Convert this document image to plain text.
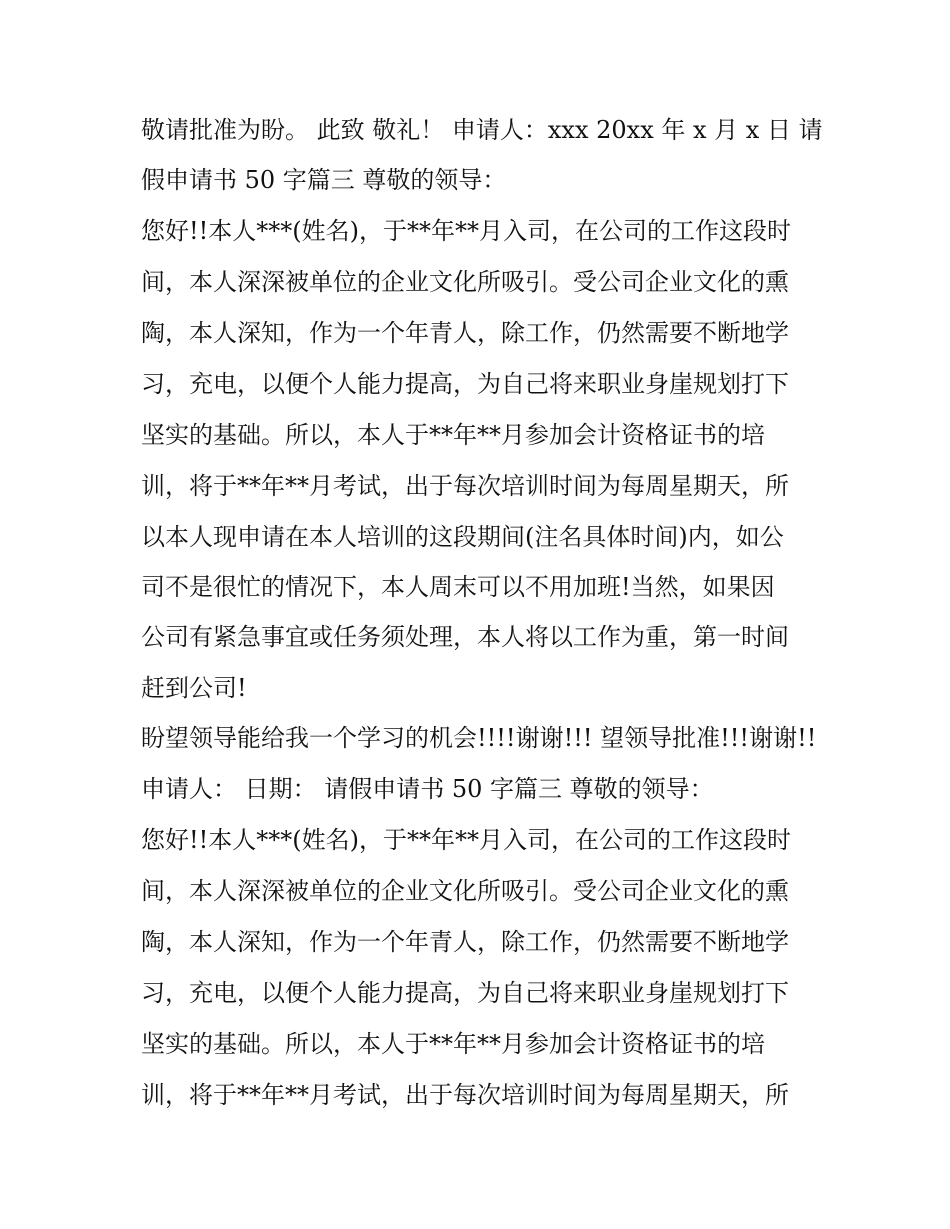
敬请批准为盼。 此致 敬礼！ 申请人：xxx 20xx 年 x 月 x 日 请
假申请书 50 字篇三 尊敬的领导：
您好!!本人***(姓名)，于**年**月入司，在公司的工作这段时
间，本人深深被单位的企业文化所吸引。受公司企业文化的熏
陶，本人深知，作为一个年青人，除工作，仍然需要不断地学
习，充电，以便个人能力提高，为自己将来职业身崖规划打下
坚实的基础。所以，本人于**年**月参加会计资格证书的培
训，将于**年**月考试，出于每次培训时间为每周星期天，所
以本人现申请在本人培训的这段期间(注名具体时间)内，如公
司不是很忙的情况下，本人周末可以不用加班!当然，如果因
公司有紧急事宜或任务须处理，本人将以工作为重，第一时间
赶到公司!
盼望领导能给我一个学习的机会!!!!谢谢!!! 望领导批准!!!谢谢!!
申请人： 日期： 请假申请书 50 字篇三 尊敬的领导：
您好!!本人***(姓名)，于**年**月入司，在公司的工作这段时
间，本人深深被单位的企业文化所吸引。受公司企业文化的熏
陶，本人深知，作为一个年青人，除工作，仍然需要不断地学
习，充电，以便个人能力提高，为自己将来职业身崖规划打下
坚实的基础。所以，本人于**年**月参加会计资格证书的培
训，将于**年**月考试，出于每次培训时间为每周星期天，所
